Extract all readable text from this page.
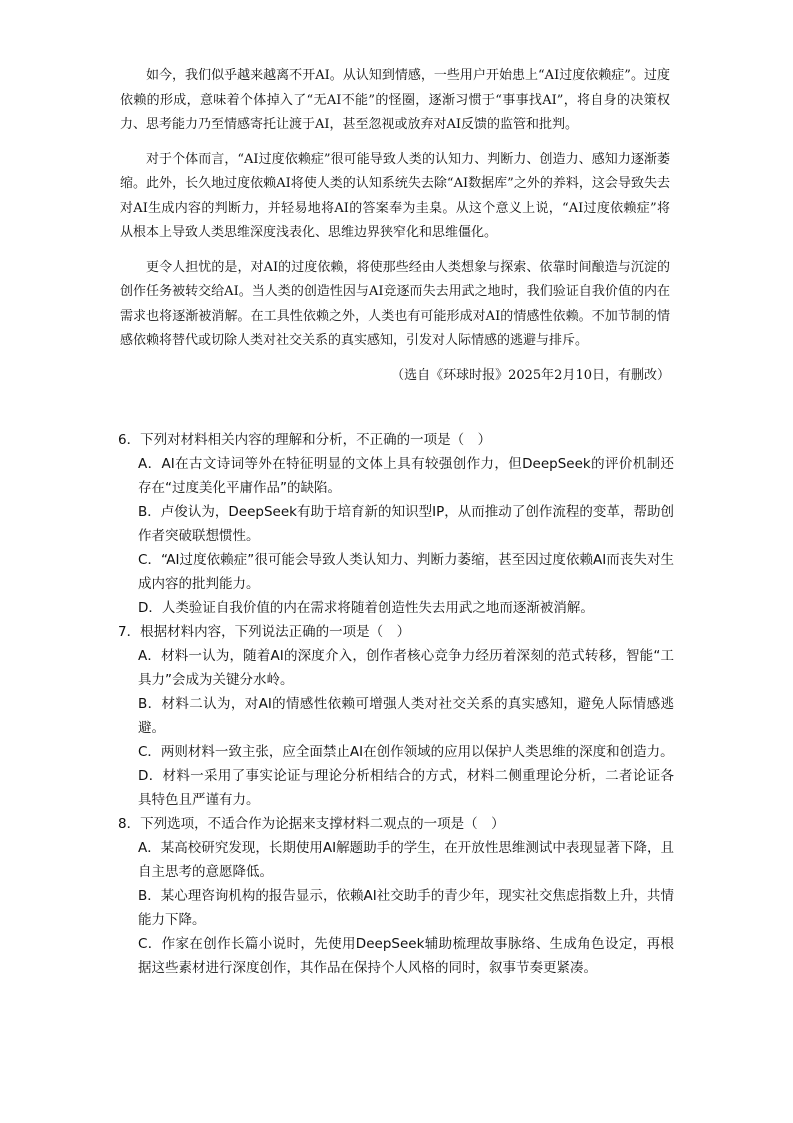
如今，我们似乎越来越离不开AI。从认知到情感，一些用户开始患上“AI过度依赖症”。过度依赖的形成，意味着个体掉入了“无AI不能”的怪圈，逐渐习惯于“事事找AI”，将自身的决策权力、思考能力乃至情感寄托让渡于AI，甚至忽视或放弃对AI反馈的监管和批判。

对于个体而言，“AI过度依赖症”很可能导致人类的认知力、判断力、创造力、感知力逐渐萎缩。此外，长久地过度依赖AI将使人类的认知系统失去除“AI数据库”之外的养料，这会导致失去对AI生成内容的判断力，并轻易地将AI的答案奉为圭臬。从这个意义上说，“AI过度依赖症”将从根本上导致人类思维深度浅表化、思维边界狭窄化和思维僵化。

更令人担忧的是，对AI的过度依赖，将使那些经由人类想象与探索、依靠时间酿造与沉淀的创作任务被转交给AI。当人类的创造性因与AI竞逐而失去用武之地时，我们验证自我价值的内在需求也将逐渐被消解。在工具性依赖之外，人类也有可能形成对AI的情感性依赖。不加节制的情感依赖将替代或切除人类对社交关系的真实感知，引发对人际情感的逃避与排斥。

（选自《环球时报》2025年2月10日，有删改）

6．下列对材料相关内容的理解和分析，不正确的一项是（　）

A．AI在古文诗词等外在特征明显的文体上具有较强创作力，但DeepSeek的评价机制还存在“过度美化平庸作品”的缺陷。

B．卢俊认为，DeepSeek有助于培育新的知识型IP，从而推动了创作流程的变革，帮助创作者突破联想惯性。

C．“AI过度依赖症”很可能会导致人类认知力、判断力萎缩，甚至因过度依赖AI而丧失对生成内容的批判能力。

D．人类验证自我价值的内在需求将随着创造性失去用武之地而逐渐被消解。

7．根据材料内容，下列说法正确的一项是（　）

A．材料一认为，随着AI的深度介入，创作者核心竞争力经历着深刻的范式转移，智能“工具力”会成为关键分水岭。

B．材料二认为，对AI的情感性依赖可增强人类对社交关系的真实感知，避免人际情感逃避。

C．两则材料一致主张，应全面禁止AI在创作领域的应用以保护人类思维的深度和创造力。

D．材料一采用了事实论证与理论分析相结合的方式，材料二侧重理论分析，二者论证各具特色且严谨有力。

8．下列选项，不适合作为论据来支撑材料二观点的一项是（　）

A．某高校研究发现，长期使用AI解题助手的学生，在开放性思维测试中表现显著下降，且自主思考的意愿降低。

B．某心理咨询机构的报告显示，依赖AI社交助手的青少年，现实社交焦虑指数上升，共情能力下降。

C．作家在创作长篇小说时，先使用DeepSeek辅助梳理故事脉络、生成角色设定，再根据这些素材进行深度创作，其作品在保持个人风格的同时，叙事节奏更紧凑。
